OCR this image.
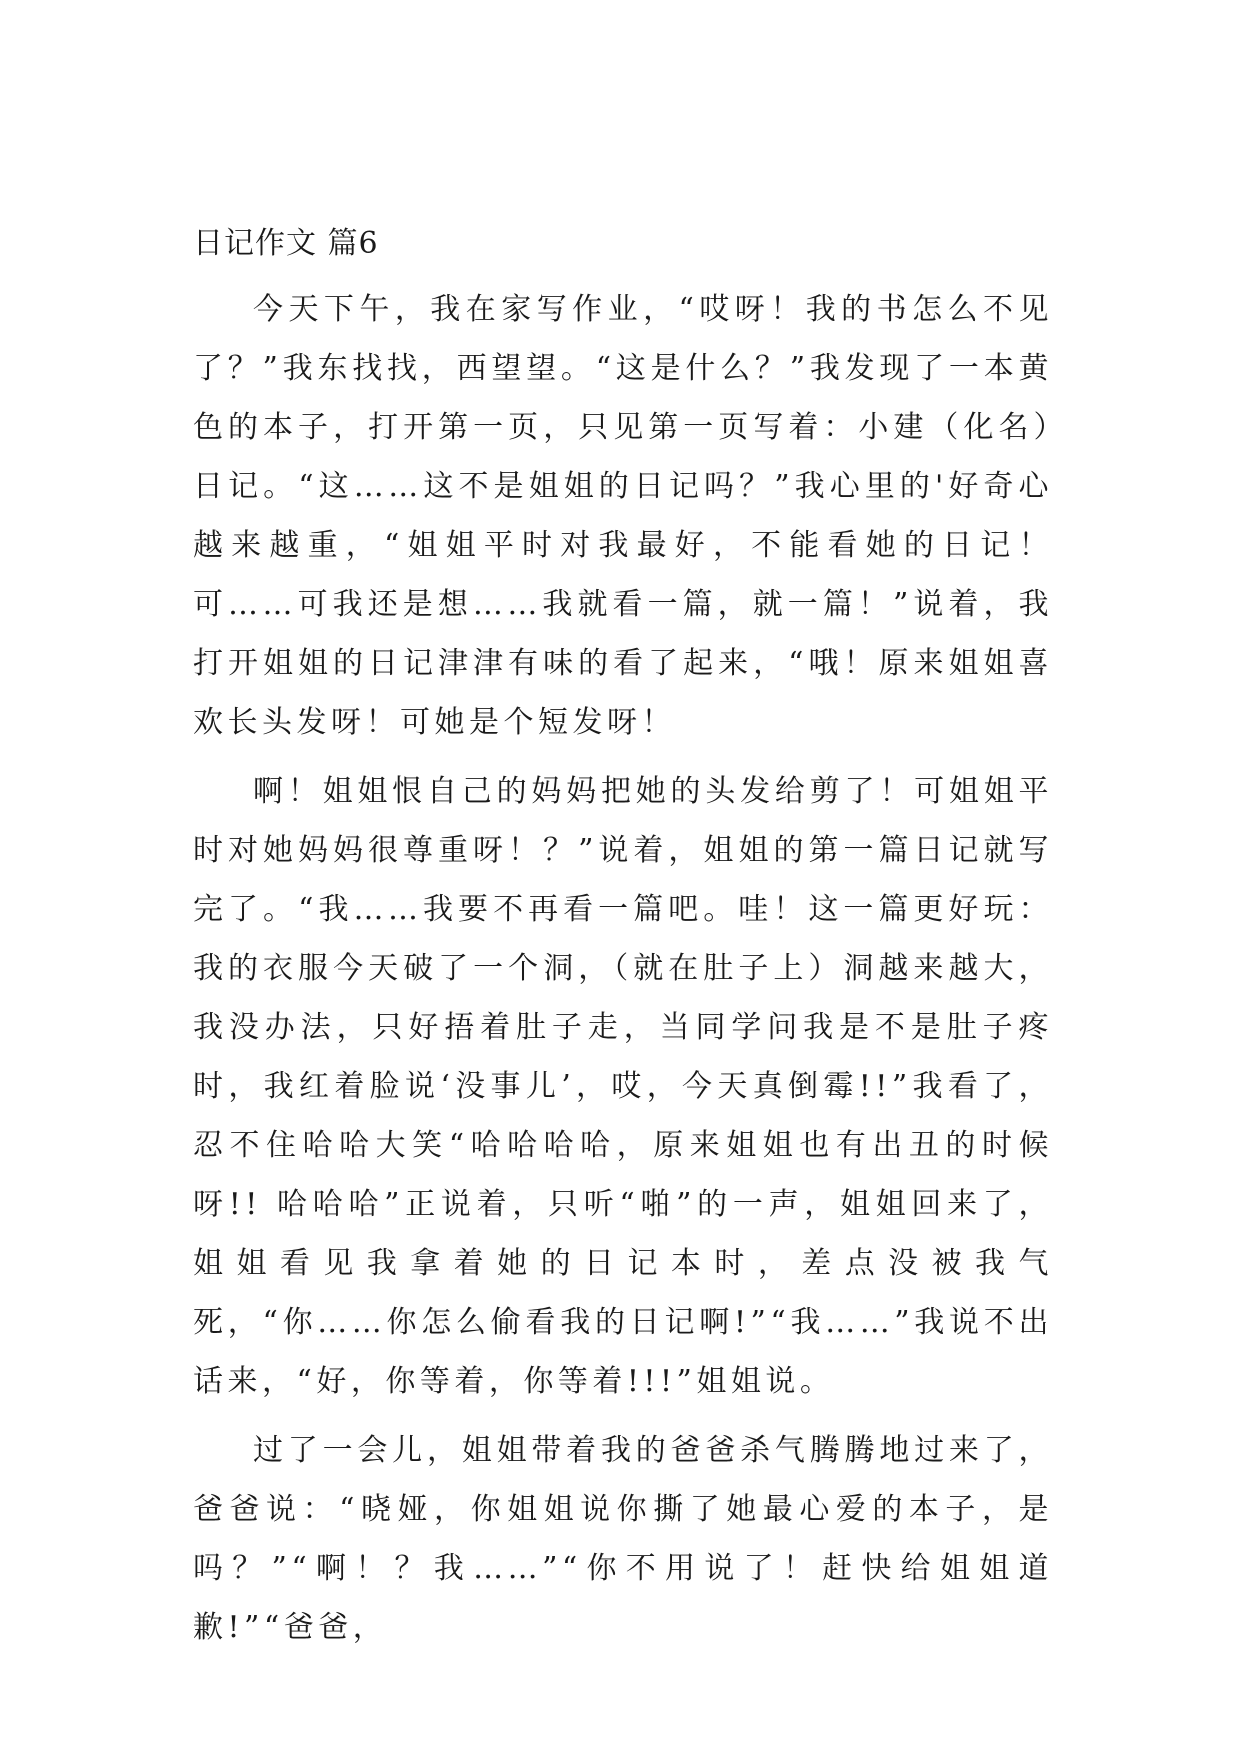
日记作文 篇6

今天下午，我在家写作业，“哎呀！我的书怎么不见了？”我东找找，西望望。“这是什么？”我发现了一本黄色的本子，打开第一页，只见第一页写着：小建（化名）日记。“这……这不是姐姐的日记吗？”我心里的'好奇心越来越重，“姐姐平时对我最好，不能看她的日记！可……可我还是想……我就看一篇，就一篇！”说着，我打开姐姐的日记津津有味的看了起来，“哦！原来姐姐喜欢长头发呀！可她是个短发呀！

啊！姐姐恨自己的妈妈把她的头发给剪了！可姐姐平时对她妈妈很尊重呀！？”说着，姐姐的第一篇日记就写完了。“我……我要不再看一篇吧。哇！这一篇更好玩：我的衣服今天破了一个洞，（就在肚子上）洞越来越大，我没办法，只好捂着肚子走，当同学问我是不是肚子疼时，我红着脸说‘没事儿’，哎，今天真倒霉!!”我看了，忍不住哈哈大笑“哈哈哈哈，原来姐姐也有出丑的时候呀!! 哈哈哈”正说着，只听“啪”的一声，姐姐回来了，姐姐看见我拿着她的日记本时，差点没被我气死，“你……你怎么偷看我的日记啊!”“我……”我说不出话来，“好，你等着，你等着!!!”姐姐说。

过了一会儿，姐姐带着我的爸爸杀气腾腾地过来了，爸爸说：“晓娅，你姐姐说你撕了她最心爱的本子，是吗？”“啊！？我……”“你不用说了！赶快给姐姐道歉!”“爸爸，
